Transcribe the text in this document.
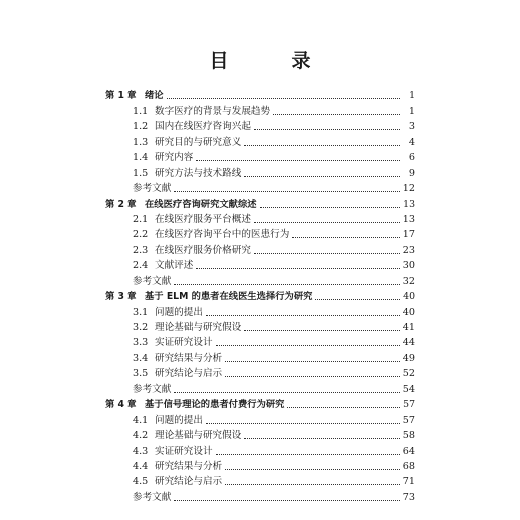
目　录
第 1 章 绪论	1
1.1 数字医疗的背景与发展趋势	1
1.2 国内在线医疗咨询兴起	3
1.3 研究目的与研究意义	4
1.4 研究内容	6
1.5 研究方法与技术路线	9
参考文献	12
第 2 章 在线医疗咨询研究文献综述	13
2.1 在线医疗服务平台概述	13
2.2 在线医疗咨询平台中的医患行为	17
2.3 在线医疗服务价格研究	23
2.4 文献评述	30
参考文献	32
第 3 章 基于 ELM 的患者在线医生选择行为研究	40
3.1 问题的提出	40
3.2 理论基础与研究假设	41
3.3 实证研究设计	44
3.4 研究结果与分析	49
3.5 研究结论与启示	52
参考文献	54
第 4 章 基于信号理论的患者付费行为研究	57
4.1 问题的提出	57
4.2 理论基础与研究假设	58
4.3 实证研究设计	64
4.4 研究结果与分析	68
4.5 研究结论与启示	71
参考文献	73
